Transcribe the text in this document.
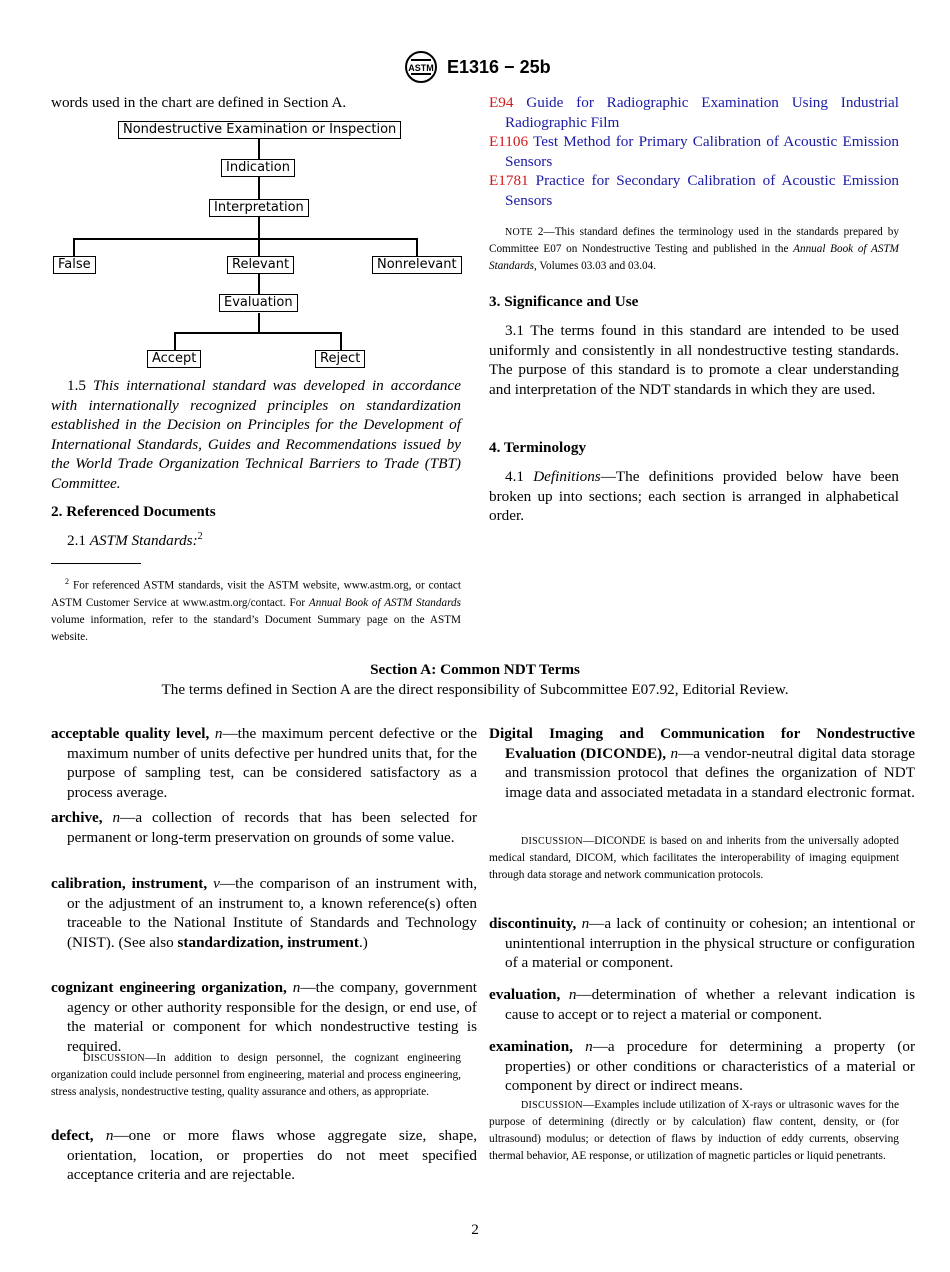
ASTM E1316 − 25b
words used in the chart are defined in Section A.
Nondestructive Examination or Inspection
Indication
Interpretation
False	Relevant	Nonrelevant
Evaluation
Accept	Reject
1.5 This international standard was developed in accordance with internationally recognized principles on standardization established in the Decision on Principles for the Development of International Standards, Guides and Recommendations issued by the World Trade Organization Technical Barriers to Trade (TBT) Committee.
2. Referenced Documents
2.1 ASTM Standards:$^2$
$^2$ For referenced ASTM standards, visit the ASTM website, www.astm.org, or contact ASTM Customer Service at www.astm.org/contact. For Annual Book of ASTM Standards volume information, refer to the standard’s Document Summary page on the ASTM website.
E94 Guide for Radiographic Examination Using Industrial Radiographic Film
E1106 Test Method for Primary Calibration of Acoustic Emission Sensors
E1781 Practice for Secondary Calibration of Acoustic Emission Sensors
NOTE 2—This standard defines the terminology used in the standards prepared by Committee E07 on Nondestructive Testing and published in the Annual Book of ASTM Standards, Volumes 03.03 and 03.04.
3. Significance and Use
3.1 The terms found in this standard are intended to be used uniformly and consistently in all nondestructive testing standards. The purpose of this standard is to promote a clear understanding and interpretation of the NDT standards in which they are used.
4. Terminology
4.1 Definitions—The definitions provided below have been broken up into sections; each section is arranged in alphabetical order.
Section A: Common NDT Terms
The terms defined in Section A are the direct responsibility of Subcommittee E07.92, Editorial Review.
acceptable quality level, n—the maximum percent defective or the maximum number of units defective per hundred units that, for the purpose of sampling test, can be considered satisfactory as a process average.
archive, n—a collection of records that has been selected for permanent or long-term preservation on grounds of some value.
calibration, instrument, v—the comparison of an instrument with, or the adjustment of an instrument to, a known reference(s) often traceable to the National Institute of Standards and Technology (NIST). (See also standardization, instrument.)
cognizant engineering organization, n—the company, government agency or other authority responsible for the design, or end use, of the material or component for which nondestructive testing is required.
DISCUSSION—In addition to design personnel, the cognizant engineering organization could include personnel from engineering, material and process engineering, stress analysis, nondestructive testing, quality assurance and others, as appropriate.
defect, n—one or more flaws whose aggregate size, shape, orientation, location, or properties do not meet specified acceptance criteria and are rejectable.
Digital Imaging and Communication for Nondestructive Evaluation (DICONDE), n—a vendor-neutral digital data storage and transmission protocol that defines the organization of NDT image data and associated metadata in a standard electronic format.
DISCUSSION—DICONDE is based on and inherits from the universally adopted medical standard, DICOM, which facilitates the interoperability of imaging equipment through data storage and network communication protocols.
discontinuity, n—a lack of continuity or cohesion; an intentional or unintentional interruption in the physical structure or configuration of a material or component.
evaluation, n—determination of whether a relevant indication is cause to accept or to reject a material or component.
examination, n—a procedure for determining a property (or properties) or other conditions or characteristics of a material or component by direct or indirect means.
DISCUSSION—Examples include utilization of X-rays or ultrasonic waves for the purpose of determining (directly or by calculation) flaw content, density, or (for ultrasound) modulus; or detection of flaws by induction of eddy currents, observing thermal behavior, AE response, or utilization of magnetic particles or liquid penetrants.
2
